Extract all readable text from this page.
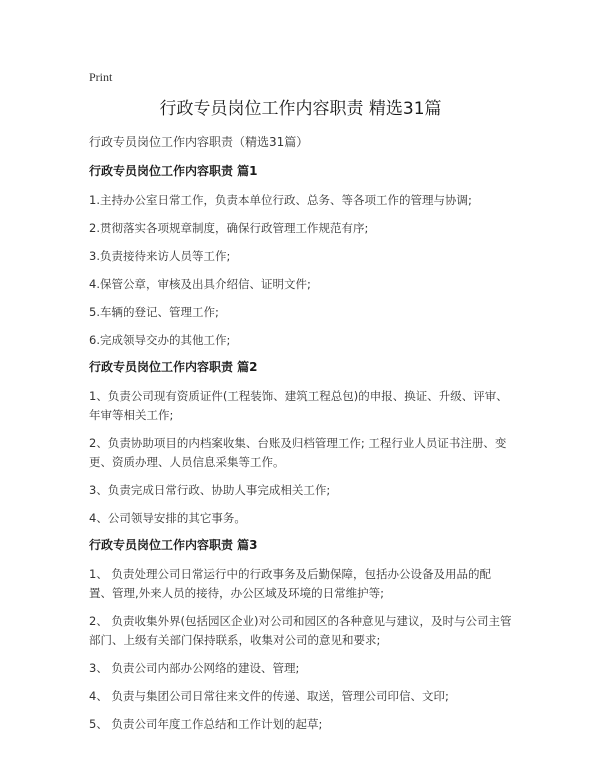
Print
行政专员岗位工作内容职责 精选31篇
行政专员岗位工作内容职责（精选31篇）
行政专员岗位工作内容职责 篇1

1.主持办公室日常工作，负责本单位行政、总务、等各项工作的管理与协调;

2.贯彻落实各项规章制度，确保行政管理工作规范有序;

3.负责接待来访人员等工作;

4.保管公章，审核及出具介绍信、证明文件;

5.车辆的登记、管理工作;

6.完成领导交办的其他工作;

行政专员岗位工作内容职责 篇2

1、负责公司现有资质证件(工程装饰、建筑工程总包)的申报、换证、升级、评审、年审等相关工作;

2、负责协助项目的内档案收集、台账及归档管理工作; 工程行业人员证书注册、变更、资质办理、人员信息采集等工作。

3、负责完成日常行政、协助人事完成相关工作;

4、公司领导安排的其它事务。

行政专员岗位工作内容职责 篇3

1、 负责处理公司日常运行中的行政事务及后勤保障，包括办公设备及用品的配置、管理,外来人员的接待，办公区域及环境的日常维护等;

2、 负责收集外界(包括园区企业)对公司和园区的各种意见与建议，及时与公司主管部门、上级有关部门保持联系，收集对公司的意见和要求;

3、 负责公司内部办公网络的建设、管理;

4、 负责与集团公司日常往来文件的传递、取送，管理公司印信、文印;

5、 负责公司年度工作总结和工作计划的起草;
